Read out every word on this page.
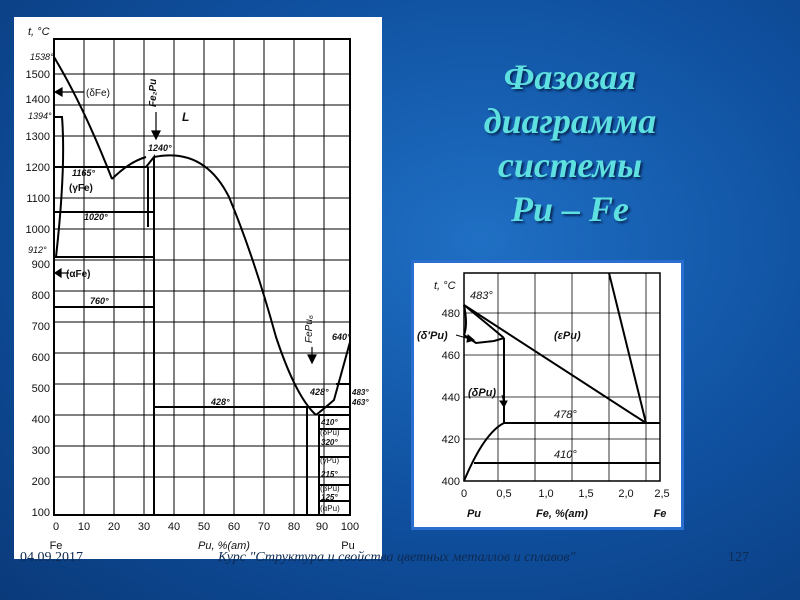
1500
1400
1300
1200
1100
1000
900
800
700
600
500
400
300
200
100
0 10 20 30 40 50 60 70 80 90 100
t, °C
Pu, %(am)
Fe	Pu
1538°
1394°
(δFe)
1165°
(γFe)
1020°
912°
(αFe)
760°
L
Fe₂Pu
1240°
428°
FePu₆
428°
640°
483°
463°
410°
(δPu)
320°
(γPu)
215°
(βPu)
125°
(αPu)
Фазовая
диаграмма
системы
Pu – Fe
480
460
440
420
400
0	0,5 1,0 1,5 2,0 2,5
t, °C
Fe, %(am)
Pu	Fe
483°
(εPu)
(δ'Pu)
(δPu)
478°
410°
04.09.2017	Курс "Структура и свойства цветных металлов и сплавов"	127
